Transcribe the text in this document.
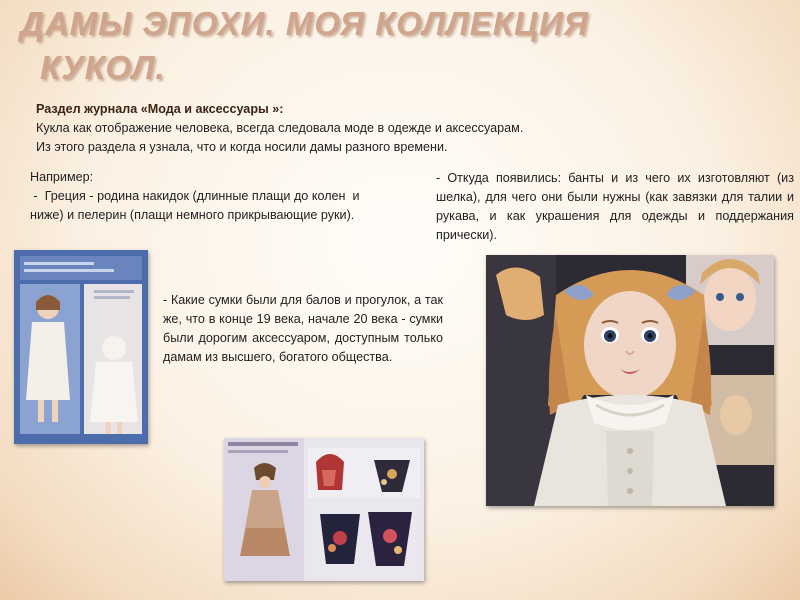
ДАМЫ ЭПОХИ. МОЯ КОЛЛЕКЦИЯ
КУКОЛ.
Раздел журнала «Мода и аксессуары »:
Кукла как отображение человека, всегда следовала моде в одежде и аксессуарам.
Из этого раздела я узнала, что и когда носили дамы разного времени.
Например:
-  Греция - родина накидок (длинные плащи до колен  и
ниже) и пелерин (плащи немного прикрывающие руки).
- Откуда появились: банты и из чего их изготовляют (из шелка), для чего они были нужны (как завязки для талии и рукава, и как украшения для одежды и поддержания прически).
- Какие сумки были для балов и прогулок, а так же, что в конце 19 века, начале 20 века - сумки были дорогим аксессуаром, доступным только дамам из высшего, богатого общества.
